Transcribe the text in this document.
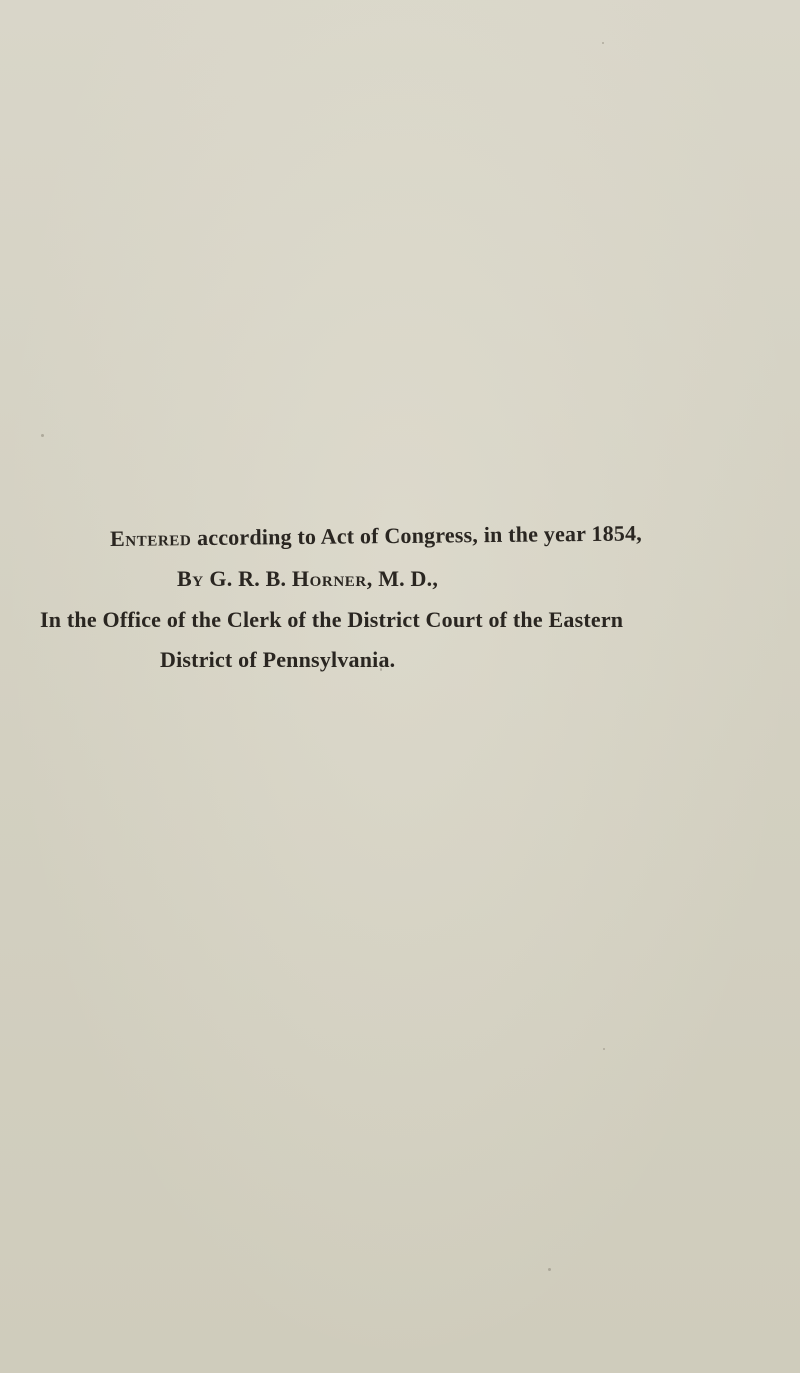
Entered according to Act of Congress, in the year 1854,
By G. R. B. Horner, M. D.,
In the Office of the Clerk of the District Court of the Eastern
District of Pennsylvania.
